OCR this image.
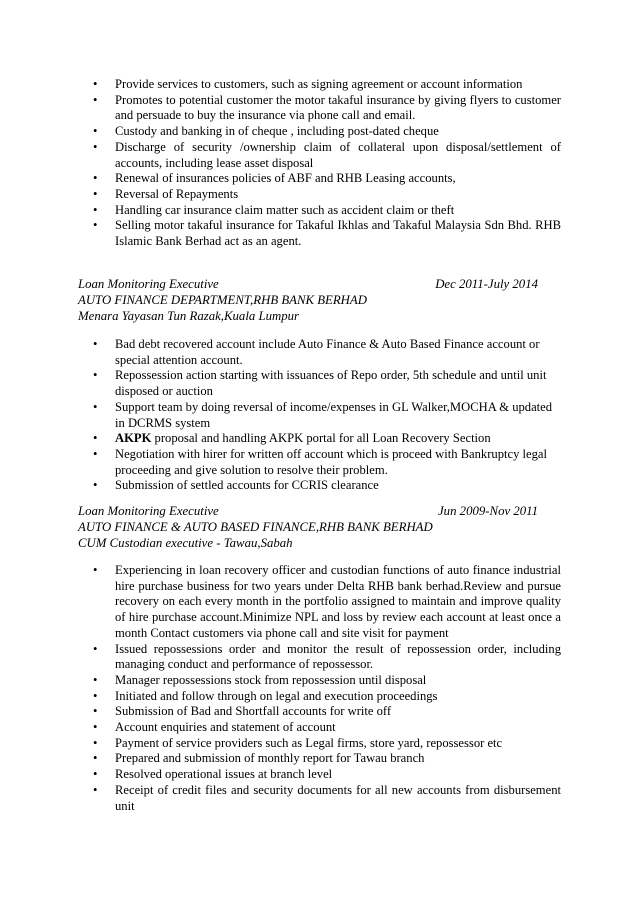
• Provide services to customers, such as signing agreement or account information
• Promotes to potential customer the motor takaful insurance by giving flyers to customer and persuade to buy the insurance via phone call and email.
• Custody and banking in of cheque , including post-dated cheque
• Discharge of security /ownership claim of collateral upon disposal/settlement of accounts, including lease asset disposal
• Renewal of insurances policies of ABF and RHB Leasing accounts,
• Reversal of Repayments
• Handling car insurance claim matter such as accident claim or theft
• Selling motor takaful insurance for Takaful Ikhlas and Takaful Malaysia Sdn Bhd. RHB Islamic Bank Berhad act as an agent.
Loan Monitoring Executive	Dec 2011-July 2014
AUTO FINANCE DEPARTMENT,RHB BANK BERHAD
Menara Yayasan Tun Razak,Kuala Lumpur
• Bad debt recovered account include Auto Finance & Auto Based Finance account or special attention account.
• Repossession action starting with issuances of Repo order, 5th schedule and until unit disposed or auction
• Support team by doing reversal of income/expenses in GL Walker,MOCHA & updated in DCRMS system
• AKPK proposal and handling AKPK portal for all Loan Recovery Section
• Negotiation with hirer for written off account which is proceed with Bankruptcy legal proceeding and give solution to resolve their problem.
• Submission of settled accounts for CCRIS clearance
Loan Monitoring Executive	Jun 2009-Nov 2011
AUTO FINANCE & AUTO BASED FINANCE,RHB BANK BERHAD
CUM Custodian executive - Tawau,Sabah
• Experiencing in loan recovery officer and custodian functions of auto finance industrial hire purchase business for two years under Delta RHB bank berhad.Review and pursue recovery on each every month in the portfolio assigned to maintain and improve quality of hire purchase account.Minimize NPL and loss by review each account at least once a month Contact customers via phone call and site visit for payment
• Issued repossessions order and monitor the result of repossession order, including managing conduct and performance of repossessor.
• Manager repossessions stock from repossession until disposal
• Initiated and follow through on legal and execution proceedings
• Submission of Bad and Shortfall accounts for write off
• Account enquiries and statement of account
• Payment of service providers such as Legal firms, store yard, repossessor etc
• Prepared and submission of monthly report for Tawau branch
• Resolved operational issues at branch level
• Receipt of credit files and security documents for all new accounts from disbursement unit
